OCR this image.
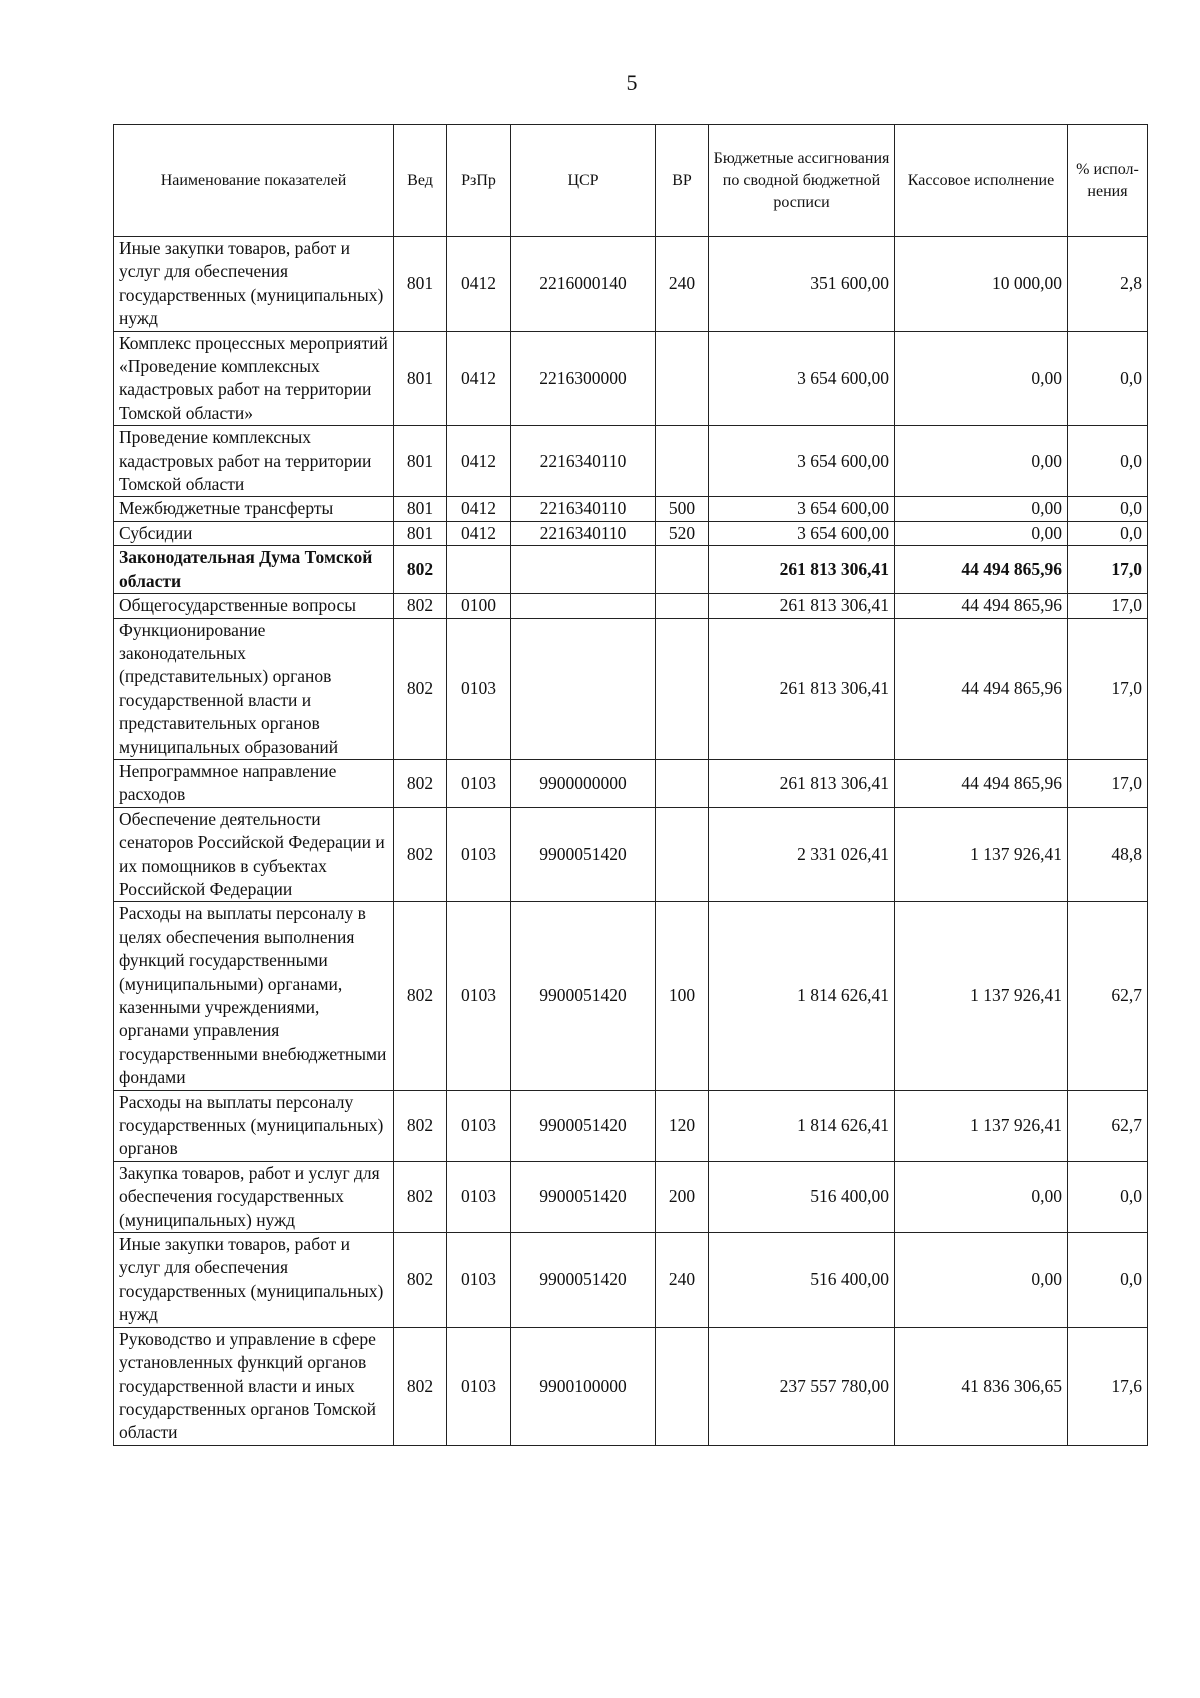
5
Наименование показателей	Вед	РзПр	ЦСР	ВР	Бюджетные ассигнования по сводной бюджетной росписи	Кассовое исполнение	% испол-нения
Иные закупки товаров, работ и услуг для обеспечения государственных (муниципальных) нужд	801	0412	2216000140	240	351 600,00	10 000,00	2,8
Комплекс процессных мероприятий «Проведение комплексных кадастровых работ на территории Томской области»	801	0412	2216300000		3 654 600,00	0,00	0,0
Проведение комплексных кадастровых работ на территории Томской области	801	0412	2216340110		3 654 600,00	0,00	0,0
Межбюджетные трансферты	801	0412	2216340110	500	3 654 600,00	0,00	0,0
Субсидии	801	0412	2216340110	520	3 654 600,00	0,00	0,0
Законодательная Дума Томской области	802				261 813 306,41	44 494 865,96	17,0
Общегосударственные вопросы	802	0100			261 813 306,41	44 494 865,96	17,0
Функционирование законодательных (представительных) органов государственной власти и представительных органов муниципальных образований	802	0103			261 813 306,41	44 494 865,96	17,0
Непрограммное направление расходов	802	0103	9900000000		261 813 306,41	44 494 865,96	17,0
Обеспечение деятельности сенаторов Российской Федерации и их помощников в субъектах Российской Федерации	802	0103	9900051420		2 331 026,41	1 137 926,41	48,8
Расходы на выплаты персоналу в целях обеспечения выполнения функций государственными (муниципальными) органами, казенными учреждениями, органами управления государственными внебюджетными фондами	802	0103	9900051420	100	1 814 626,41	1 137 926,41	62,7
Расходы на выплаты персоналу государственных (муниципальных) органов	802	0103	9900051420	120	1 814 626,41	1 137 926,41	62,7
Закупка товаров, работ и услуг для обеспечения государственных (муниципальных) нужд	802	0103	9900051420	200	516 400,00	0,00	0,0
Иные закупки товаров, работ и услуг для обеспечения государственных (муниципальных) нужд	802	0103	9900051420	240	516 400,00	0,00	0,0
Руководство и управление в сфере установленных функций органов государственной власти и иных государственных органов Томской области	802	0103	9900100000		237 557 780,00	41 836 306,65	17,6
